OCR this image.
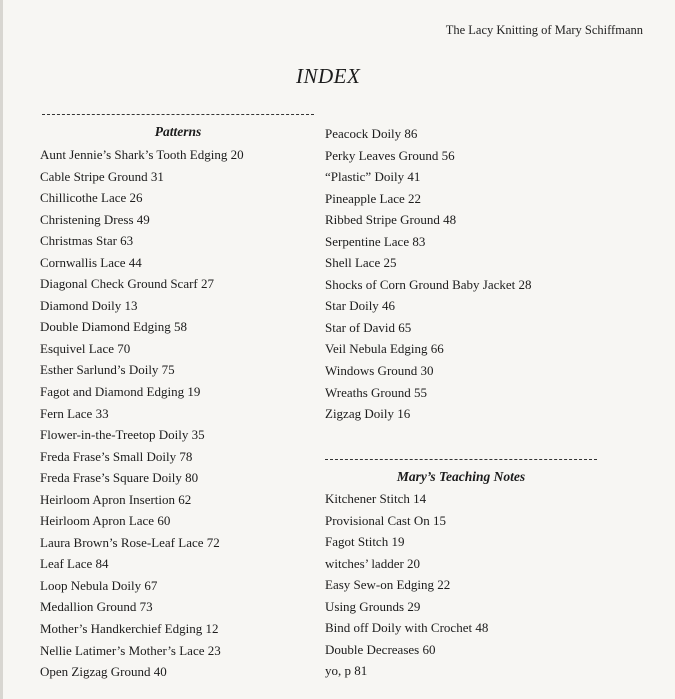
The Lacy Knitting of Mary Schiffmann
INDEX
Patterns
Aunt Jennie’s Shark’s Tooth Edging 20
Cable Stripe Ground 31
Chillicothe Lace 26
Christening Dress 49
Christmas Star 63
Cornwallis Lace 44
Diagonal Check Ground Scarf 27
Diamond Doily 13
Double Diamond Edging 58
Esquivel Lace 70
Esther Sarlund’s Doily 75
Fagot and Diamond Edging 19
Fern Lace 33
Flower-in-the-Treetop Doily 35
Freda Frase’s Small Doily 78
Freda Frase’s Square Doily 80
Heirloom Apron Insertion 62
Heirloom Apron Lace 60
Laura Brown’s Rose-Leaf Lace 72
Leaf Lace 84
Loop Nebula Doily 67
Medallion Ground 73
Mother’s Handkerchief Edging 12
Nellie Latimer’s Mother’s Lace 23
Open Zigzag Ground 40
Peacock Doily 86
Perky Leaves Ground 56
“Plastic” Doily 41
Pineapple Lace 22
Ribbed Stripe Ground 48
Serpentine Lace 83
Shell Lace 25
Shocks of Corn Ground Baby Jacket 28
Star Doily 46
Star of David 65
Veil Nebula Edging 66
Windows Ground 30
Wreaths Ground 55
Zigzag Doily 16
Mary’s Teaching Notes
Kitchener Stitch 14
Provisional Cast On 15
Fagot Stitch 19
witches’ ladder 20
Easy Sew-on Edging 22
Using Grounds 29
Bind off Doily with Crochet 48
Double Decreases 60
yo, p 81
